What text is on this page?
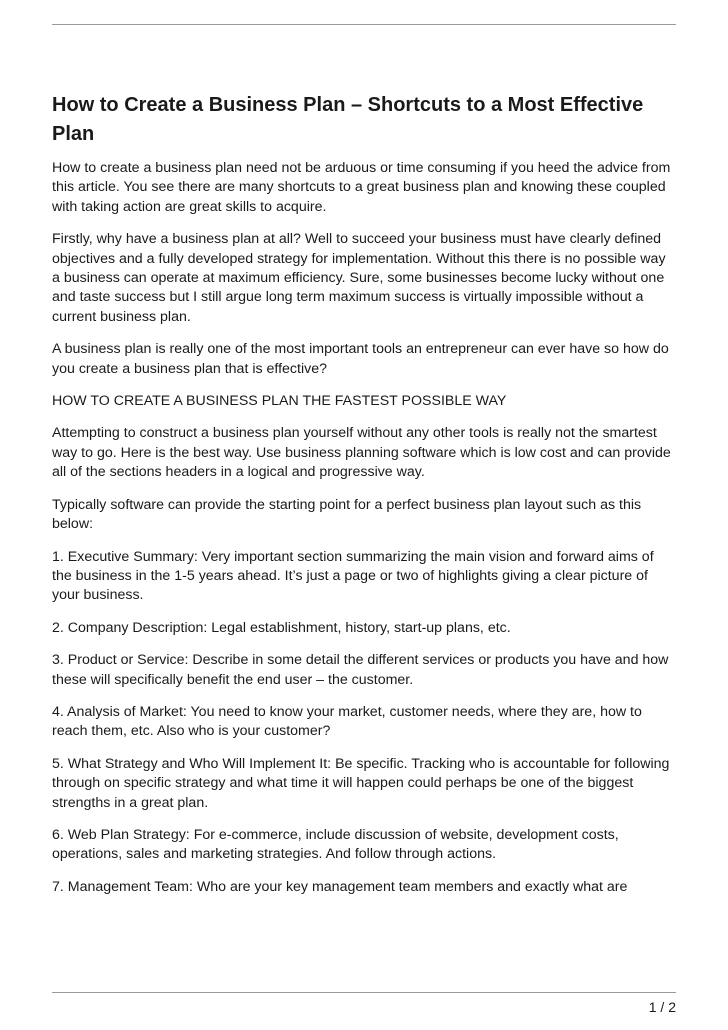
How to Create a Business Plan – Shortcuts to a Most Effective Plan

How to create a business plan need not be arduous or time consuming if you heed the advice from this article. You see there are many shortcuts to a great business plan and knowing these coupled with taking action are great skills to acquire.

Firstly, why have a business plan at all? Well to succeed your business must have clearly defined objectives and a fully developed strategy for implementation. Without this there is no possible way a business can operate at maximum efficiency. Sure, some businesses become lucky without one and taste success but I still argue long term maximum success is virtually impossible without a current business plan.

A business plan is really one of the most important tools an entrepreneur can ever have so how do you create a business plan that is effective?

HOW TO CREATE A BUSINESS PLAN THE FASTEST POSSIBLE WAY

Attempting to construct a business plan yourself without any other tools is really not the smartest way to go. Here is the best way. Use business planning software which is low cost and can provide all of the sections headers in a logical and progressive way.

Typically software can provide the starting point for a perfect business plan layout such as this below:

1. Executive Summary: Very important section summarizing the main vision and forward aims of the business in the 1-5 years ahead. It’s just a page or two of highlights giving a clear picture of your business.

2. Company Description: Legal establishment, history, start-up plans, etc.

3. Product or Service: Describe in some detail the different services or products you have and how these will specifically benefit the end user – the customer.

4. Analysis of Market: You need to know your market, customer needs, where they are, how to reach them, etc. Also who is your customer?

5. What Strategy and Who Will Implement It: Be specific. Tracking who is accountable for following through on specific strategy and what time it will happen could perhaps be one of the biggest strengths in a great plan.

6. Web Plan Strategy: For e-commerce, include discussion of website, development costs, operations, sales and marketing strategies. And follow through actions.

7. Management Team: Who are your key management team members and exactly what are

1 / 2
